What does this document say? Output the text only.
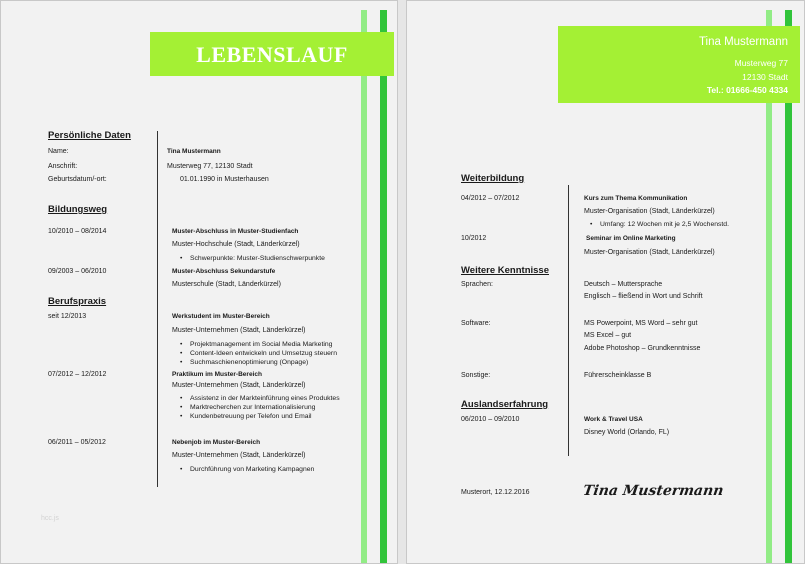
LEBENSLAUF
Persönliche Daten
Name:	Tina Mustermann
Anschrift:	Musterweg 77, 12130 Stadt
Geburtsdatum/-ort:	01.01.1990 in Musterhausen
Bildungsweg
10/2010 – 08/2014	Muster-Abschluss in Muster-Studienfach
Muster-Hochschule (Stadt, Länderkürzel)
• Schwerpunkte: Muster-Studienschwerpunkte
09/2003 – 06/2010	Muster-Abschluss Sekundarstufe
Musterschule (Stadt, Länderkürzel)
Berufspraxis
seit 12/2013	Werkstudent im Muster-Bereich
Muster-Unternehmen (Stadt, Länderkürzel)
• Projektmanagement im Social Media Marketing
• Content-Ideen entwickeln und Umsetzug steuern
• Suchmaschienenoptimierung (Onpage)
07/2012 – 12/2012	Praktikum im Muster-Bereich
Muster-Unternehmen (Stadt, Länderkürzel)
• Assistenz in der Markteinführung eines Produktes
• Marktrecherchen zur Internationalisierung
• Kundenbetreuung per Telefon und Email
06/2011 – 05/2012	Nebenjob im Muster-Bereich
Muster-Unternehmen (Stadt, Länderkürzel)
• Durchführung von Marketing Kampagnen
hcc.js
Tina Mustermann
Musterweg 77
12130 Stadt
Tel.: 01666-450 4334
Weiterbildung
04/2012 – 07/2012	Kurs zum Thema Kommunikation
Muster-Organisation (Stadt, Länderkürzel)
• Umfang: 12 Wochen mit je 2,5 Wochenstd.
10/2012	Seminar im Online Marketing
Muster-Organisation (Stadt, Länderkürzel)
Weitere Kenntnisse
Sprachen:	Deutsch – Muttersprache
Englisch – fließend in Wort und Schrift
Software:	MS Powerpoint, MS Word – sehr gut
MS Excel – gut
Adobe Photoshop – Grundkenntnisse
Sonstige:	Führerscheinklasse B
Auslandserfahrung
06/2010 – 09/2010	Work & Travel USA
Disney World (Orlando, FL)
Musterort, 12.12.2016	Tina Mustermann
